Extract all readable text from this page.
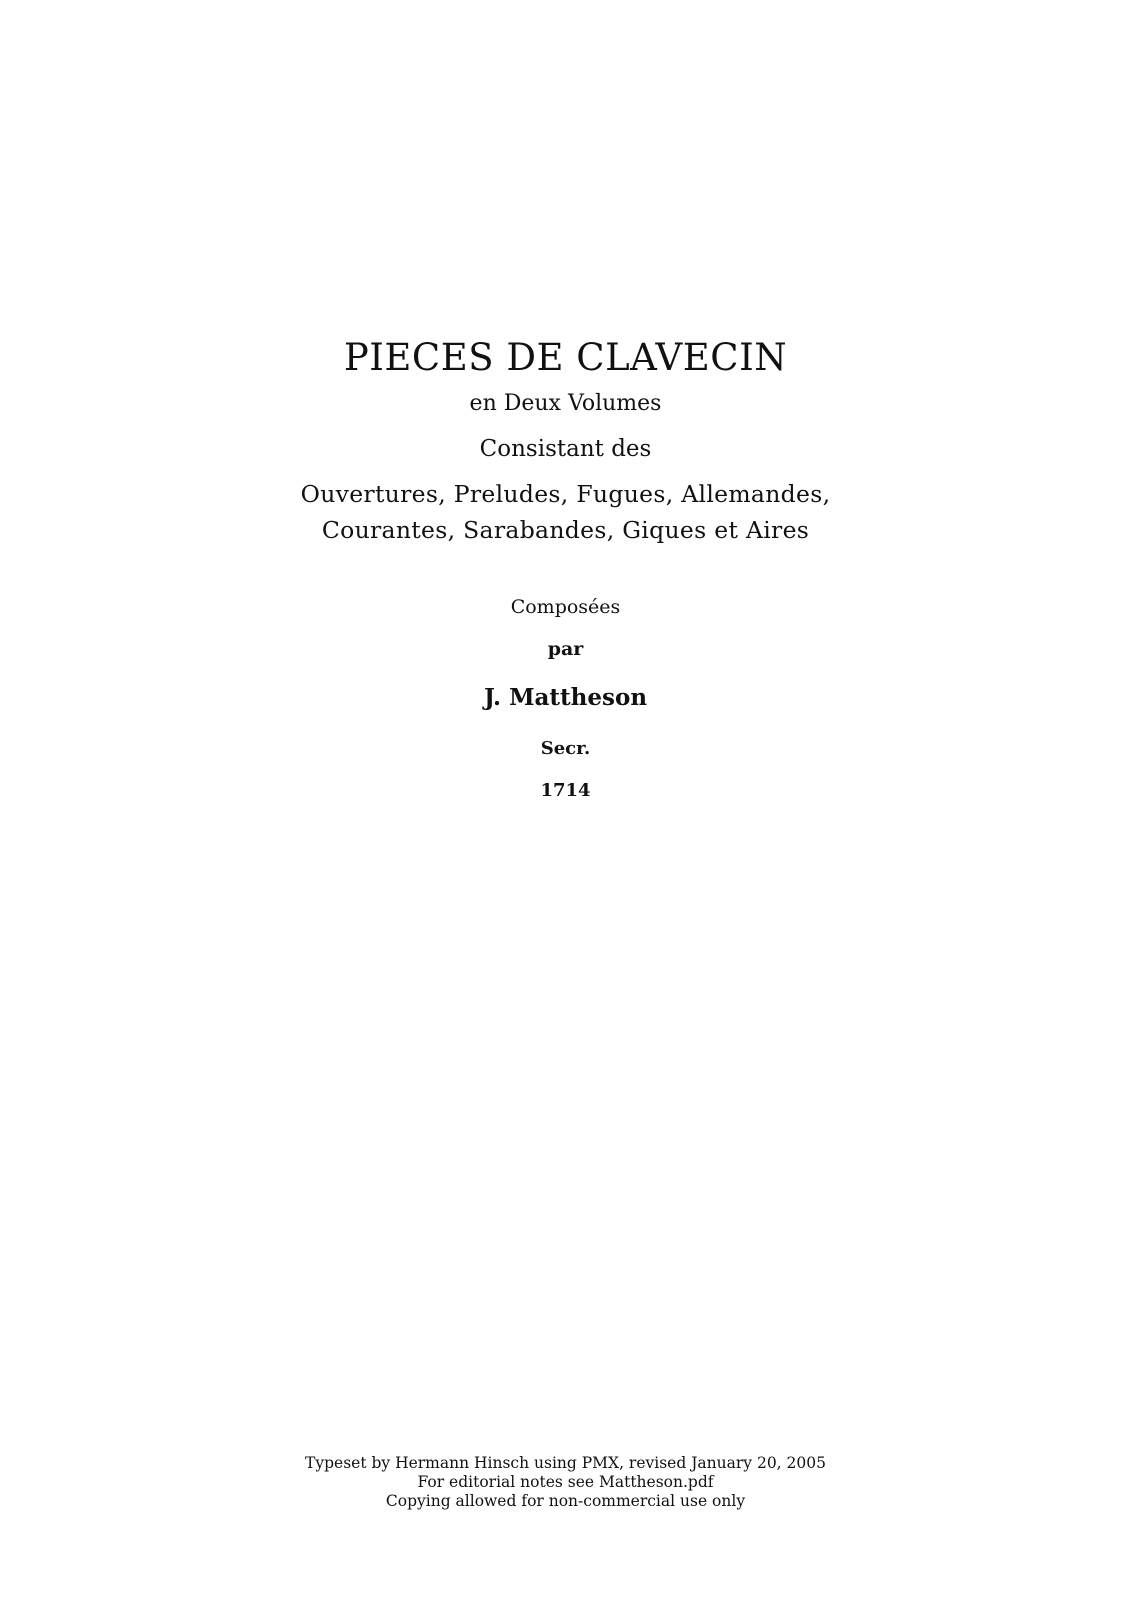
PIECES DE CLAVECIN
en Deux Volumes
Consistant des
Ouvertures, Preludes, Fugues, Allemandes,
Courantes, Sarabandes, Giques et Aires
Composées
par
J. Mattheson
Secr.
1714
Typeset by Hermann Hinsch using PMX, revised January 20, 2005
For editorial notes see Mattheson.pdf
Copying allowed for non-commercial use only
